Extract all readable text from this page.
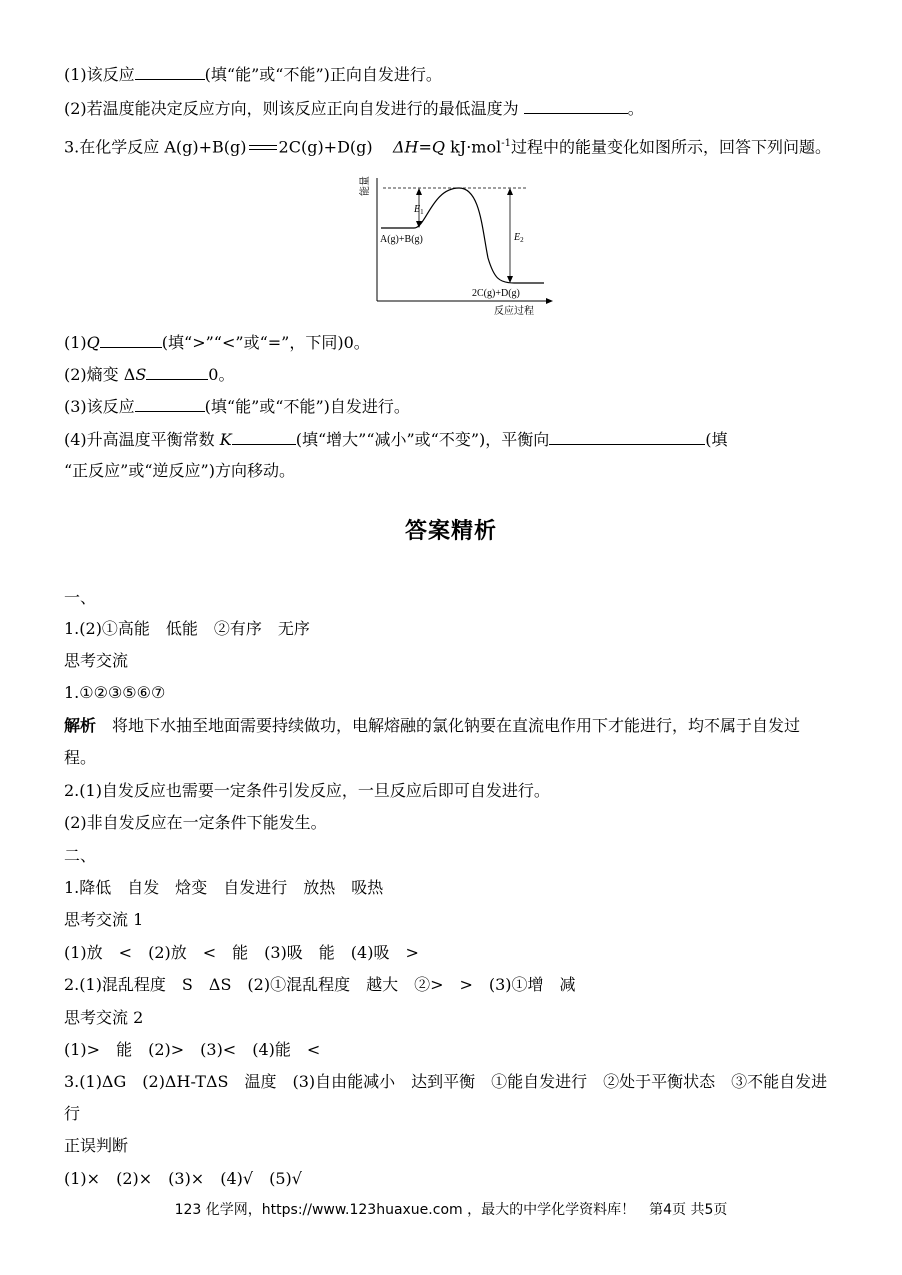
(1)该反应	(填“能”或“不能”)正向自发进行。
(2)若温度能决定反应方向，则该反应正向自发进行的最低温度为	。
3.在化学反应 A(g)+B(g) 2C(g)+D(g) ΔH=Q kJ·mol$^{-1}$过程中的能量变化如图所示，回答下列问题。
能量
反应过程
$E_1$
$E_2$
A(g)+B(g)
2C(g)+D(g)
(1)Q	(填“>”“<”或“=”，下同)0。
(2)熵变 ΔS	0。
(3)该反应	(填“能”或“不能”)自发进行。
(4)升高温度平衡常数 K	(填“增大”“减小”或“不变”)，平衡向	(填
“正反应”或“逆反应”)方向移动。
答案精析
一、
1.(2)①高能　低能　②有序　无序
思考交流
1.①②③⑤⑥⑦
解析　 将地下水抽至地面需要持续做功，电解熔融的氯化钠要在直流电作用下才能进行，均不属于自发过
程。
2.(1)自发反应也需要一定条件引发反应，一旦反应后即可自发进行。
(2)非自发反应在一定条件下能发生。
二、
1.降低　自发　焓变　自发进行　放热　吸热
思考交流 1
(1)放　<　(2)放　<　能　(3)吸　能　(4)吸　>
2.(1)混乱程度　S　ΔS　(2)①混乱程度　越大　②>　>　(3)①增　减
思考交流 2
(1)>　能　(2)>　(3)<　(4)能　<
3.(1)ΔG　(2)ΔH-TΔS　温度　(3)自由能减小　达到平衡　①能自发进行　②处于平衡状态　③不能自发进
行
正误判断
(1)×　(2)×　(3)×　(4)√　(5)√
123 化学网，https://www.123huaxue.com ，最大的中学化学资料库！　第4页 共5页
